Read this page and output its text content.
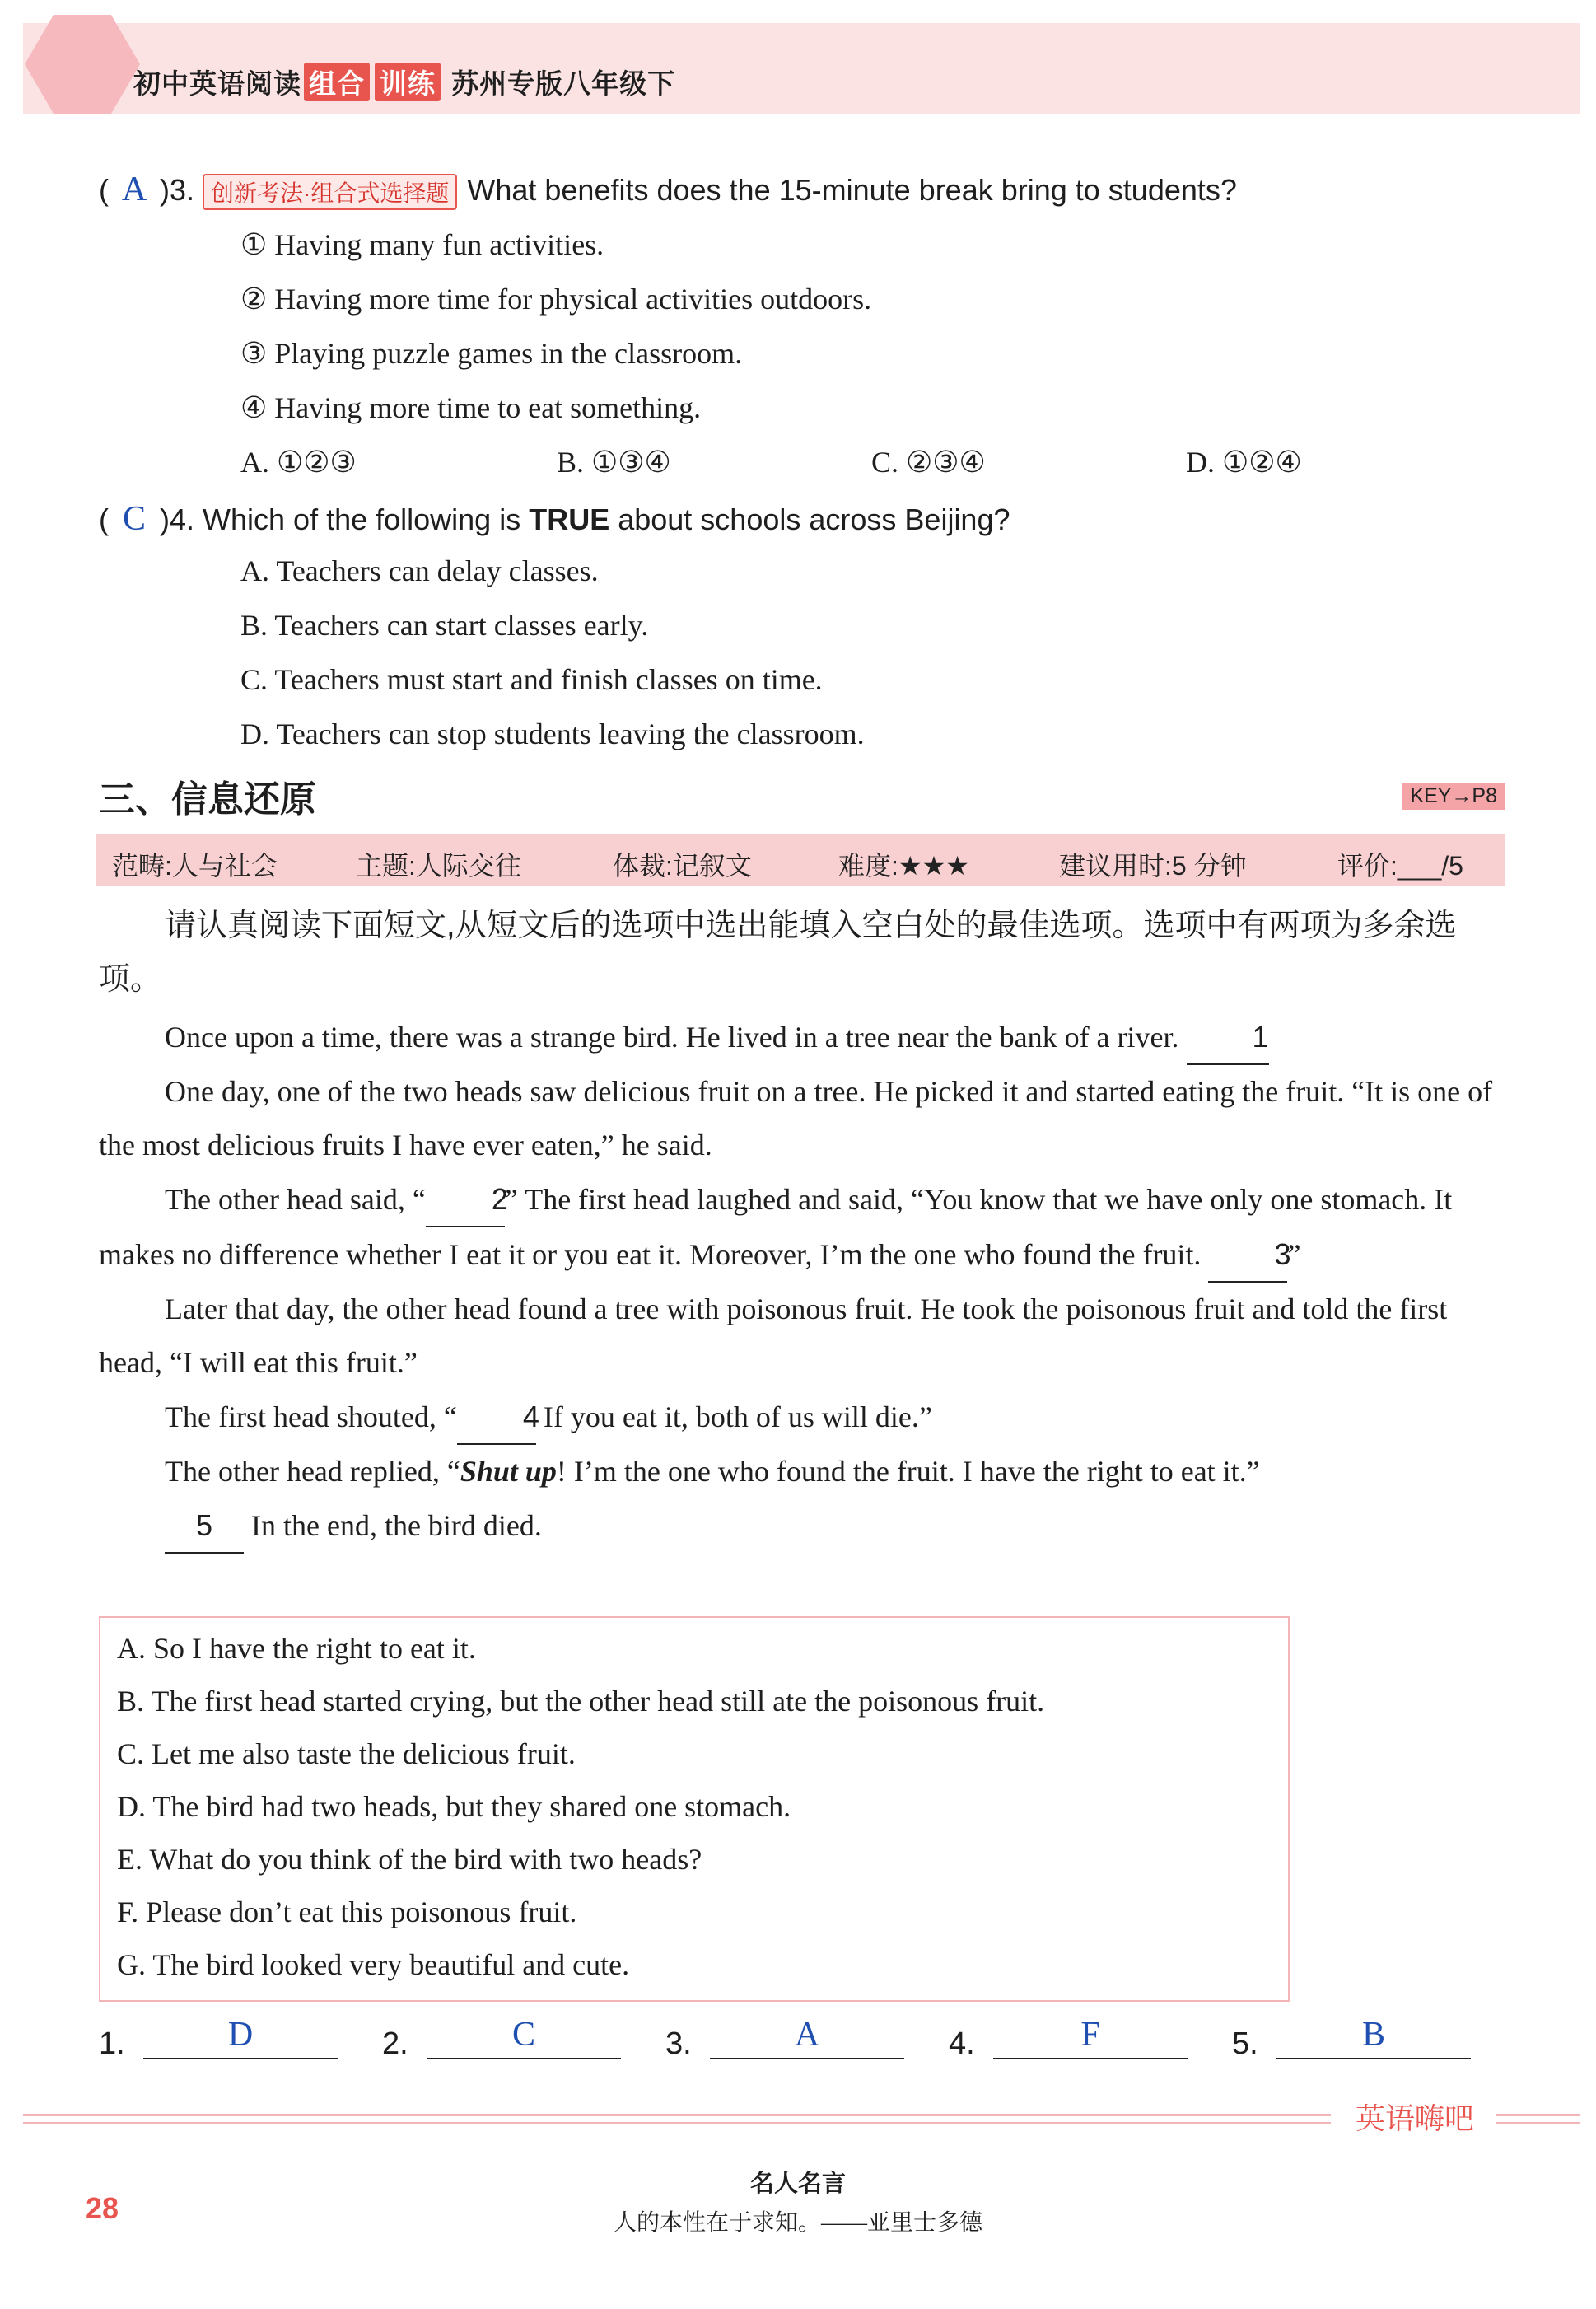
初中英语阅读 组合 训练 苏州专版八年级下
( A )3. 创新考法·组合式选择题 What benefits does the 15-minute break bring to students?
① Having many fun activities.
② Having more time for physical activities outdoors.
③ Playing puzzle games in the classroom.
④ Having more time to eat something.
A. ①②③	B. ①③④	C. ②③④	D. ①②④
( C )4. Which of the following is TRUE about schools across Beijing?
A. Teachers can delay classes.
B. Teachers can start classes early.
C. Teachers must start and finish classes on time.
D. Teachers can stop students leaving the classroom.
三、信息还原	KEY→P8
范畴:人与社会	主题:人际交往	体裁:记叙文	难度:★★★	建议用时:5 分钟	评价:___/5
请认真阅读下面短文,从短文后的选项中选出能填入空白处的最佳选项。选项中有两项为多余选项。
Once upon a time, there was a strange bird. He lived in a tree near the bank of a river. 1
One day, one of the two heads saw delicious fruit on a tree. He picked it and started eating the fruit. “It is one of the most delicious fruits I have ever eaten,” he said.
The other head said, “ 2” The first head laughed and said, “You know that we have only one stomach. It makes no difference whether I eat it or you eat it. Moreover, I’m the one who found the fruit. 3”
Later that day, the other head found a tree with poisonous fruit. He took the poisonous fruit and told the first head, “I will eat this fruit.”
The first head shouted, “ 4 If you eat it, both of us will die.”
The other head replied, “Shut up! I’m the one who found the fruit. I have the right to eat it.”
5 In the end, the bird died.
A. So I have the right to eat it.
B. The first head started crying, but the other head still ate the poisonous fruit.
C. Let me also taste the delicious fruit.
D. The bird had two heads, but they shared one stomach.
E. What do you think of the bird with two heads?
F. Please don’t eat this poisonous fruit.
G. The bird looked very beautiful and cute.
1.	D	2.	C	3.	A	4.	F	5.	B
英语嗨吧
28
名人名言
人的本性在于求知。——亚里士多德
